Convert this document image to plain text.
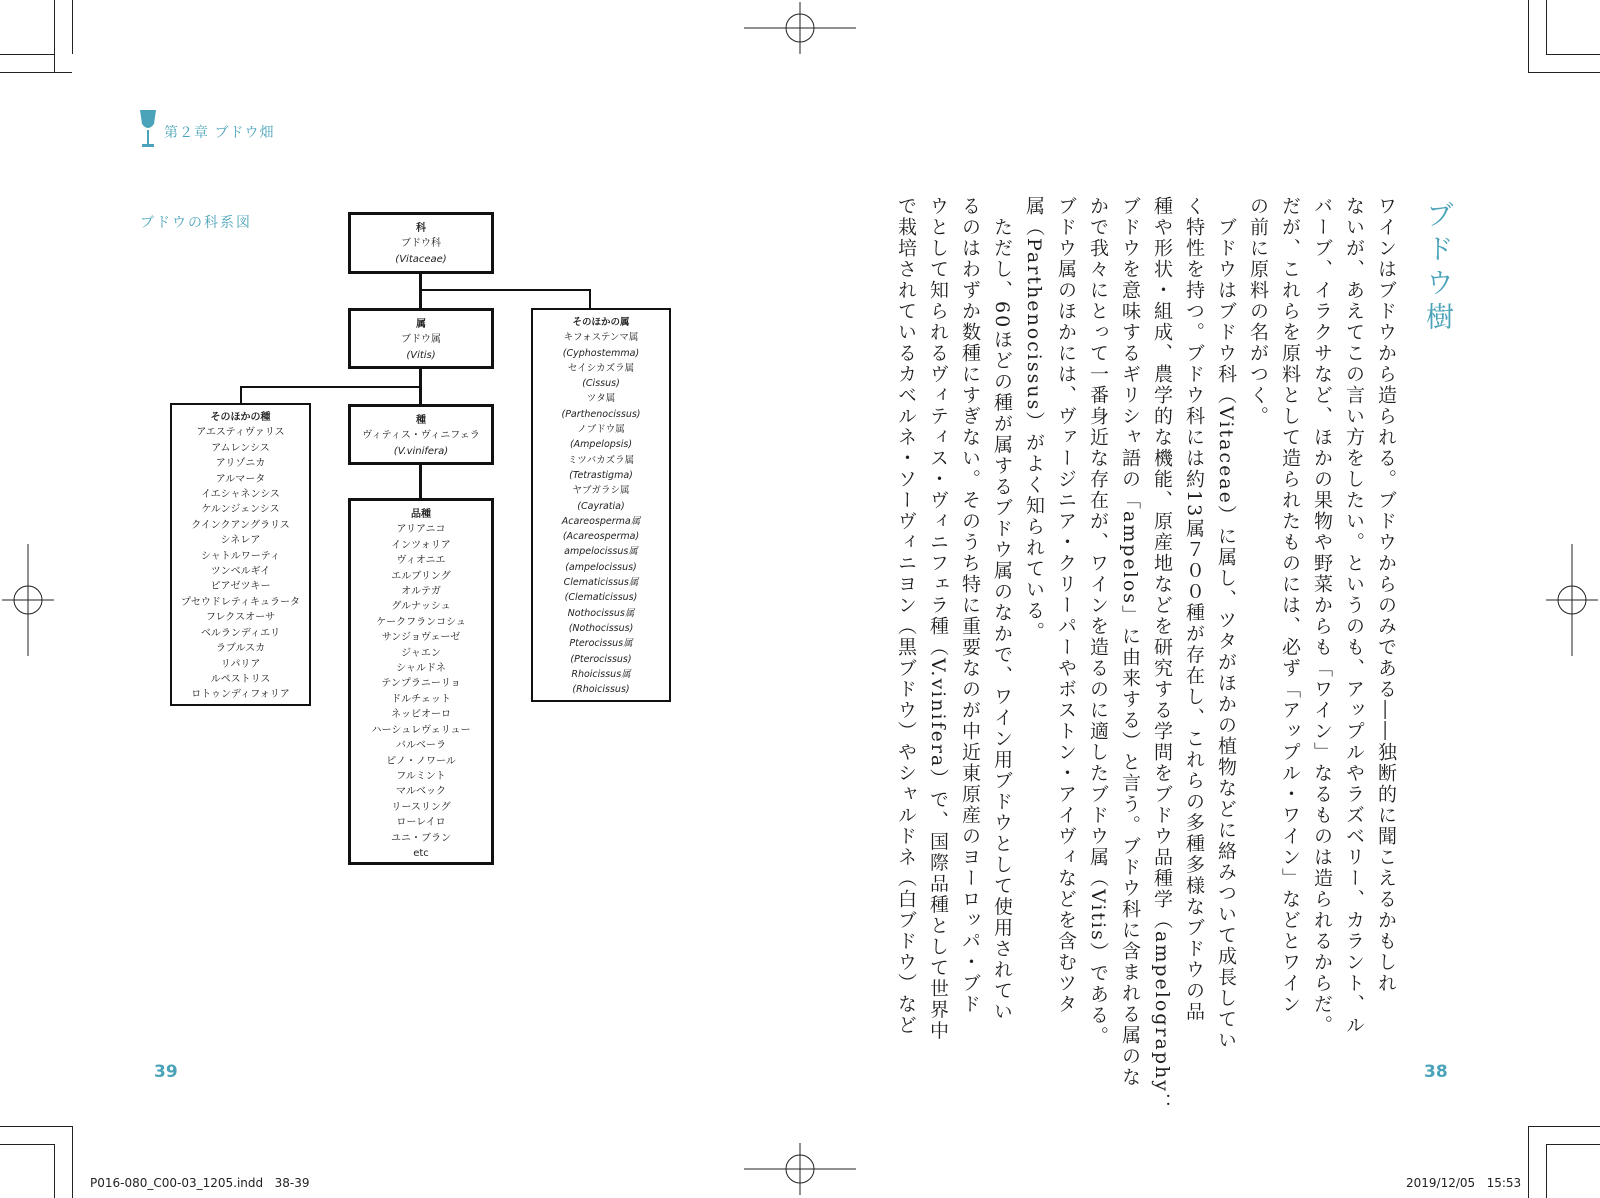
第２章 ブドウ畑
ブドウの科系図	科
ブドウ科
(Vitaceae)
属
ブドウ属
(Vitis)
種
ヴィティス・ヴィニフェラ
(V.vinifera)
そのほかの種
アエスティヴァリス
アムレンシス
アリゾニカ
アルマータ
イエシャネンシス
ケルンジェンシス
クインクアングラリス
シネレア
シャトルワーティ
ツンベルギイ
ピアゼツキー
プセウドレティキュラータ
フレクスオーサ
ベルランディエリ
ラブルスカ
リパリア
ルペストリス
ロトゥンディフォリア
品種
アリアニコ
インツォリア
ヴィオニエ
エルブリング
オルテガ
グルナッシュ
ケークフランコシュ
サンジョヴェーゼ
ジャエン
シャルドネ
テンプラニーリョ
ドルチェット
ネッビオーロ
ハーシュレヴェリュー
バルベーラ
ピノ・ノワール
フルミント
マルベック
リースリング
ローレイロ
ユニ・ブラン
etc
そのほかの属
キフォステンマ属
(Cyphostemma)
セイシカズラ属
(Cissus)
ツタ属
(Parthenocissus)
ノブドウ属
(Ampelopsis)
ミツバカズラ属
(Tetrastigma)
ヤブガラシ属
(Cayratia)
Acareosperma属
(Acareosperma)
ampelocissus属
(ampelocissus)
Clematicissus属
(Clematicissus)
Nothocissus属
(Nothocissus)
Pterocissus属
(Pterocissus)
Rhoicissus属
(Rhoicissus)
ブドウ樹
ワインはブドウから造られる。ブドウからのみである――独断的に聞こえるかもしれ
ないが、あえてこの言い方をしたい。というのも、アップルやラズベリー、カラント、ル
バーブ、イラクサなど、ほかの果物や野菜からも「ワイン」なるものは造られるからだ。
だが、これらを原料として造られたものには、必ず「アップル・ワイン」などとワイン
の前に原料の名がつく。
　ブドウはブドウ科（Vitaceae）に属し、ツタがほかの植物などに絡みついて成長してい
く特性を持つ。ブドウ科には約13属７００種が存在し、これらの多種多様なブドウの品
種や形状・組成、農学的な機能、原産地などを研究する学問をブドウ品種学（ampelography：
ブドウを意味するギリシャ語の「ampelos」に由来する）と言う。ブドウ科に含まれる属のな
かで我々にとって一番身近な存在が、ワインを造るのに適したブドウ属（Vitis）である。
ブドウ属のほかには、ヴァージニア・クリーパーやボストン・アイヴィなどを含むツタ
属（Parthenocissus）がよく知られている。
　ただし、60ほどの種が属するブドウ属のなかで、ワイン用ブドウとして使用されてい
るのはわずか数種にすぎない。そのうち特に重要なのが中近東原産のヨーロッパ・ブド
ウとして知られるヴィティス・ヴィニフェラ種（V.vinifera）で、国際品種として世界中
で栽培されているカベルネ・ソーヴィニヨン（黒ブドウ）やシャルドネ（白ブドウ）など
39	38
P016-080_C00-03_1205.indd   38-39	2019/12/05   15:53
